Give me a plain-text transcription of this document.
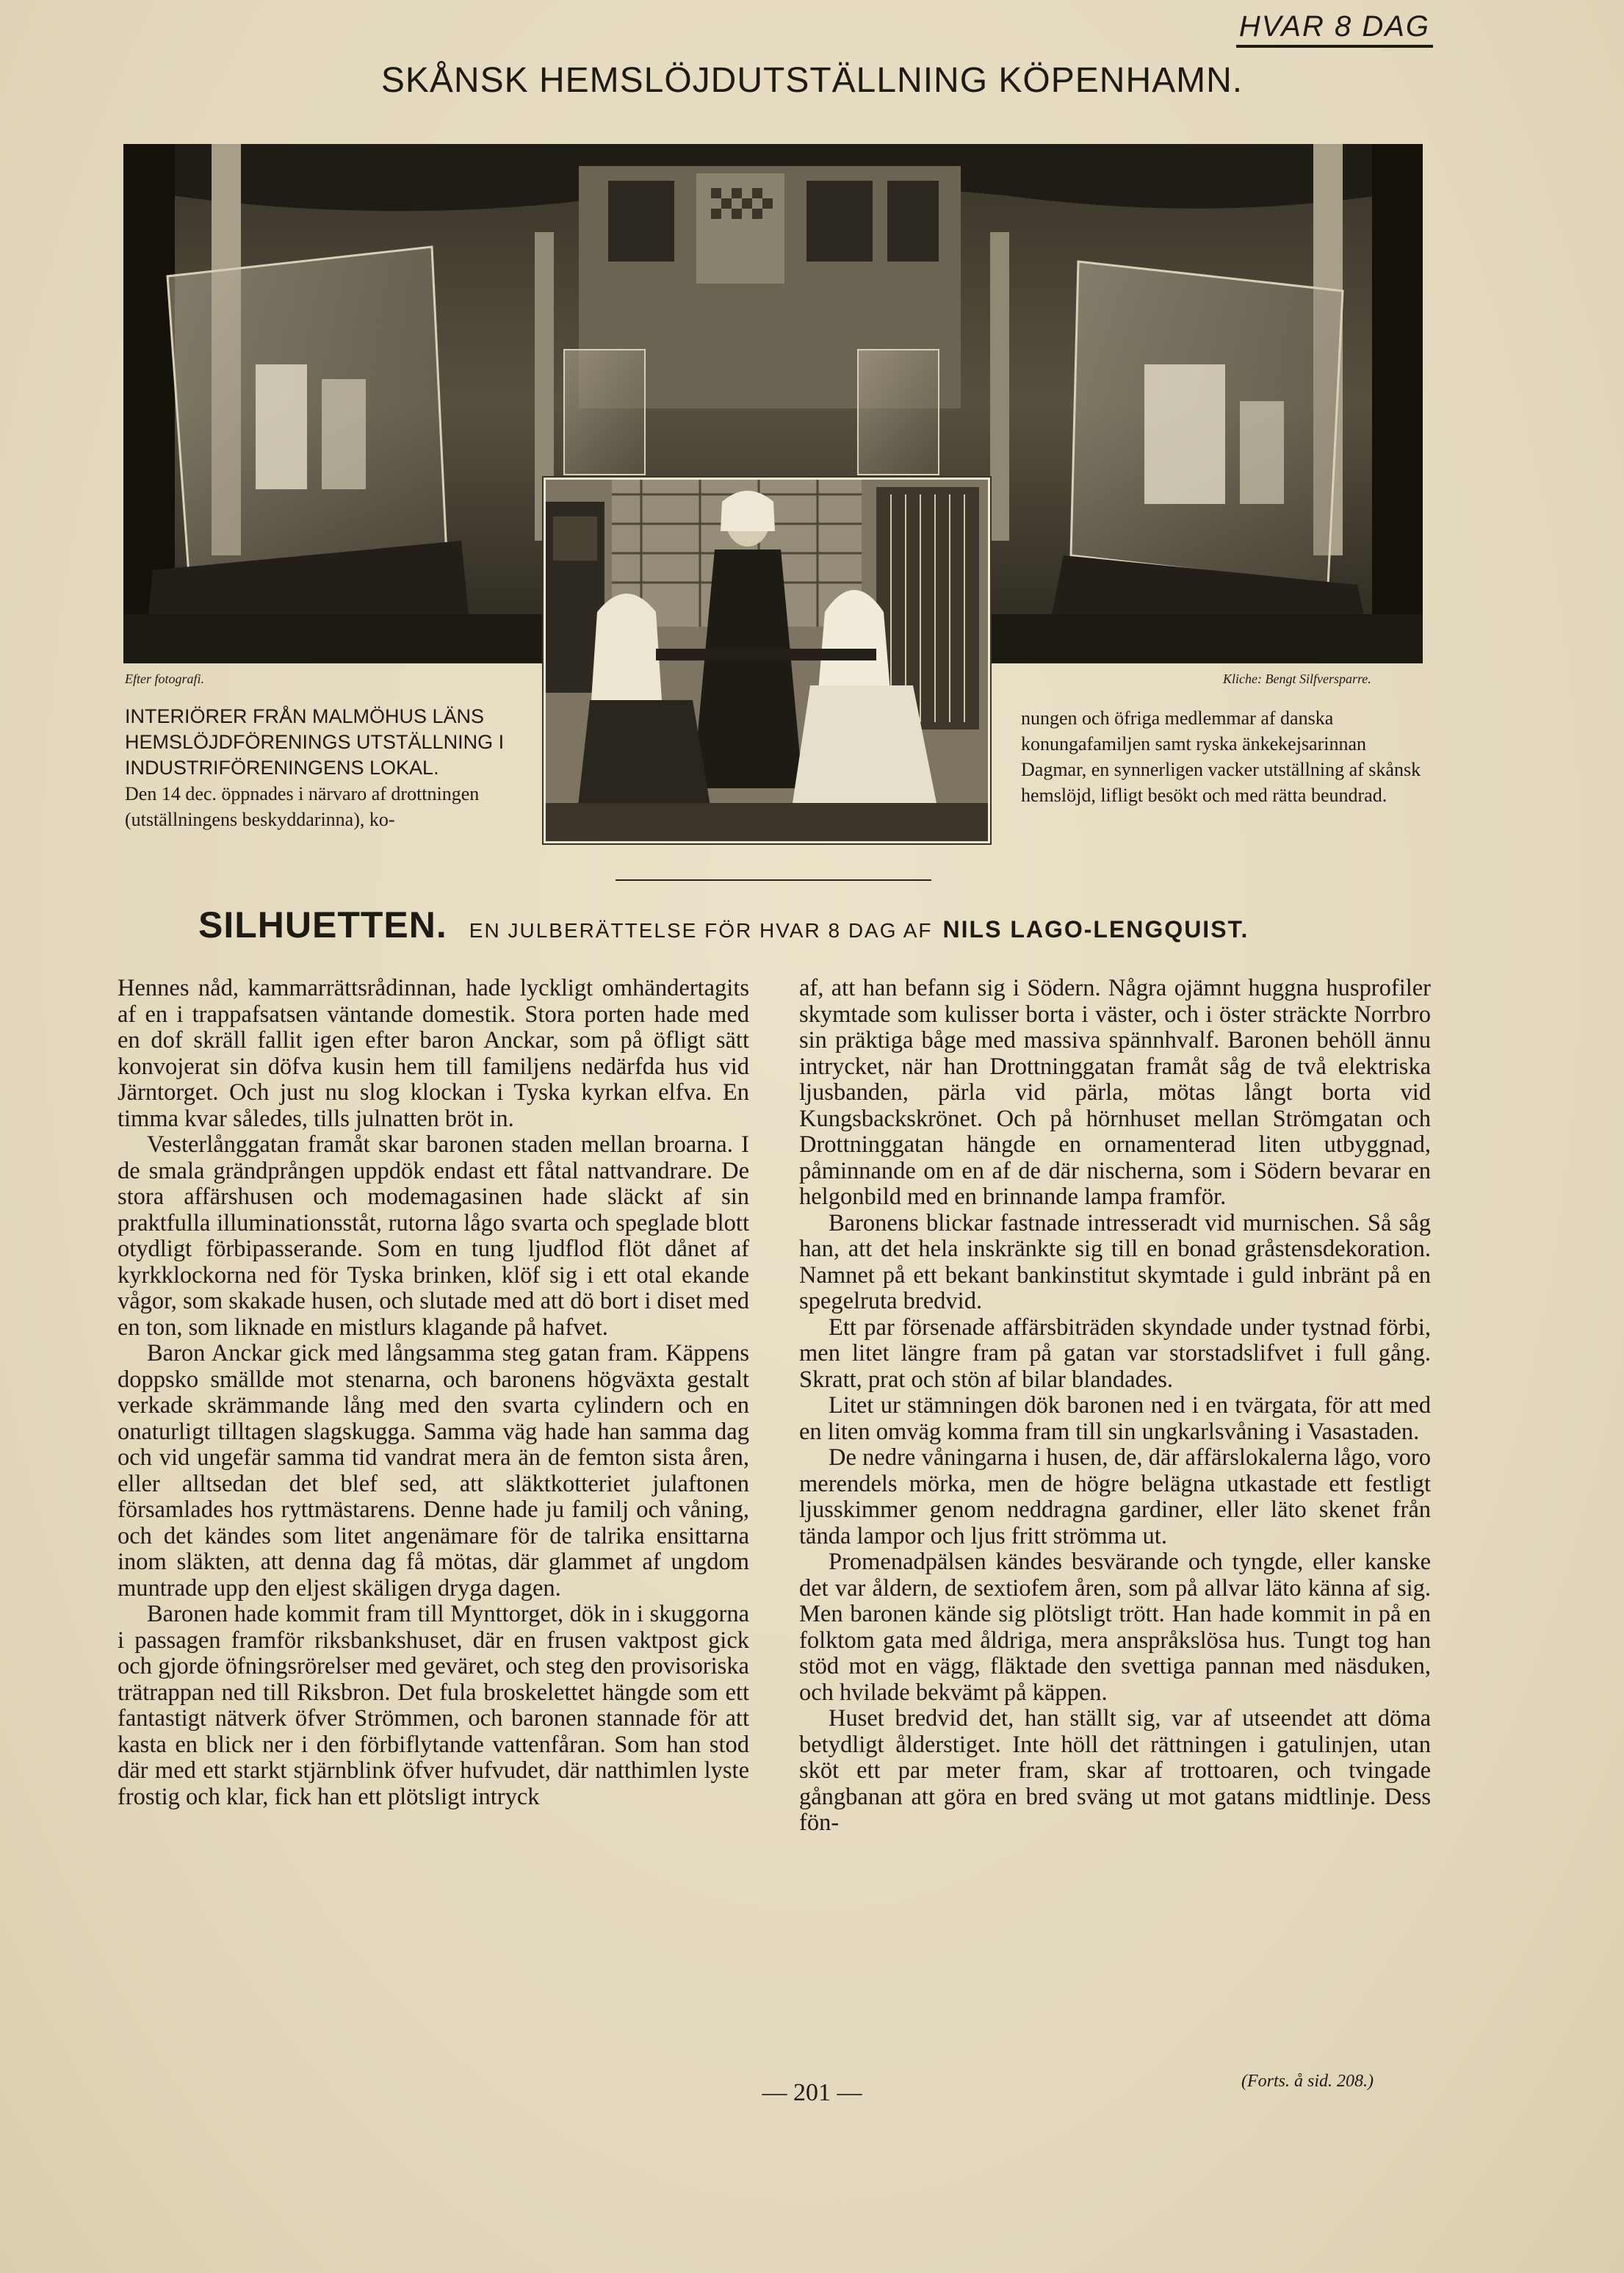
HVAR 8 DAG
SKÅNSK HEMSLÖJDUTSTÄLLNING KÖPENHAMN.
Efter fotografi.	Kliche: Bengt Silfversparre.
INTERIÖRER FRÅN MALMÖHUS LÄNS HEMSLÖJDFÖRENINGS UTSTÄLLNING I INDUSTRIFÖRENINGENS LOKAL.
Den 14 dec. öppnades i närvaro af drottningen (utställningens beskyddarinna), ko-
nungen och öfriga medlemmar af danska konungafamiljen samt ryska änkekejsarinnan Dagmar, en synnerligen vacker utställning af skånsk hemslöjd, lifligt besökt och med rätta beundrad.
SILHUETTEN. EN JULBERÄTTELSE FÖR HVAR 8 DAG AF NILS LAGO-LENGQUIST.

Hennes nåd, kammarrättsrådinnan, hade lyckligt omhändertagits af en i trappafsatsen väntande domestik. Stora porten hade med en dof skräll fallit igen efter baron Anckar, som på öfligt sätt konvojerat sin döfva kusin hem till familjens nedärfda hus vid Järntorget. Och just nu slog klockan i Tyska kyrkan elfva. En timma kvar således, tills julnatten bröt in.

Vesterlånggatan framåt skar baronen staden mellan broarna. I de smala grändprången uppdök endast ett fåtal nattvandrare. De stora affärshusen och modemagasinen hade släckt af sin praktfulla illuminationsståt, rutorna lågo svarta och speglade blott otydligt förbipasserande. Som en tung ljudflod flöt dånet af kyrkklockorna ned för Tyska brinken, klöf sig i ett otal ekande vågor, som skakade husen, och slutade med att dö bort i diset med en ton, som liknade en mistlurs klagande på hafvet.

Baron Anckar gick med långsamma steg gatan fram. Käppens doppsko smällde mot stenarna, och baronens högväxta gestalt verkade skrämmande lång med den svarta cylindern och en onaturligt tilltagen slagskugga. Samma väg hade han samma dag och vid ungefär samma tid vandrat mera än de femton sista åren, eller alltsedan det blef sed, att släktkotteriet julaftonen församlades hos ryttmästarens. Denne hade ju familj och våning, och det kändes som litet angenämare för de talrika ensittarna inom släkten, att denna dag få mötas, där glammet af ungdom muntrade upp den eljest skäligen dryga dagen.

Baronen hade kommit fram till Mynttorget, dök in i skuggorna i passagen framför riksbankshuset, där en frusen vaktpost gick och gjorde öfningsrörelser med geväret, och steg den provisoriska trätrappan ned till Riksbron. Det fula broskelettet hängde som ett fantastigt nätverk öfver Strömmen, och baronen stannade för att kasta en blick ner i den förbiflytande vattenfåran. Som han stod där med ett starkt stjärnblink öfver hufvudet, där natthimlen lyste frostig och klar, fick han ett plötsligt intryck

af, att han befann sig i Södern. Några ojämnt huggna husprofiler skymtade som kulisser borta i väster, och i öster sträckte Norrbro sin präktiga båge med massiva spännhvalf. Baronen behöll ännu intrycket, när han Drottninggatan framåt såg de två elektriska ljusbanden, pärla vid pärla, mötas långt borta vid Kungsbackskrönet. Och på hörnhuset mellan Strömgatan och Drottninggatan hängde en ornamenterad liten utbyggnad, påminnande om en af de där nischerna, som i Södern bevarar en helgonbild med en brinnande lampa framför.

Baronens blickar fastnade intresseradt vid murnischen. Så såg han, att det hela inskränkte sig till en bonad gråstensdekoration. Namnet på ett bekant bankinstitut skymtade i guld inbränt på en spegelruta bredvid.

Ett par försenade affärsbiträden skyndade under tystnad förbi, men litet längre fram på gatan var storstadslifvet i full gång. Skratt, prat och stön af bilar blandades.

Litet ur stämningen dök baronen ned i en tvärgata, för att med en liten omväg komma fram till sin ungkarlsvåning i Vasastaden.

De nedre våningarna i husen, de, där affärslokalerna lågo, voro merendels mörka, men de högre belägna utkastade ett festligt ljusskimmer genom neddragna gardiner, eller läto skenet från tända lampor och ljus fritt strömma ut.

Promenadpälsen kändes besvärande och tyngde, eller kanske det var åldern, de sextiofem åren, som på allvar läto känna af sig. Men baronen kände sig plötsligt trött. Han hade kommit in på en folktom gata med åldriga, mera anspråkslösa hus. Tungt tog han stöd mot en vägg, fläktade den svettiga pannan med näsduken, och hvilade bekvämt på käppen.

Huset bredvid det, han ställt sig, var af utseendet att döma betydligt ålderstiget. Inte höll det rättningen i gatulinjen, utan sköt ett par meter fram, skar af trottoaren, och tvingade gångbanan att göra en bred sväng ut mot gatans midtlinje. Dess fön-

(Forts. å sid. 208.)
— 201 —
